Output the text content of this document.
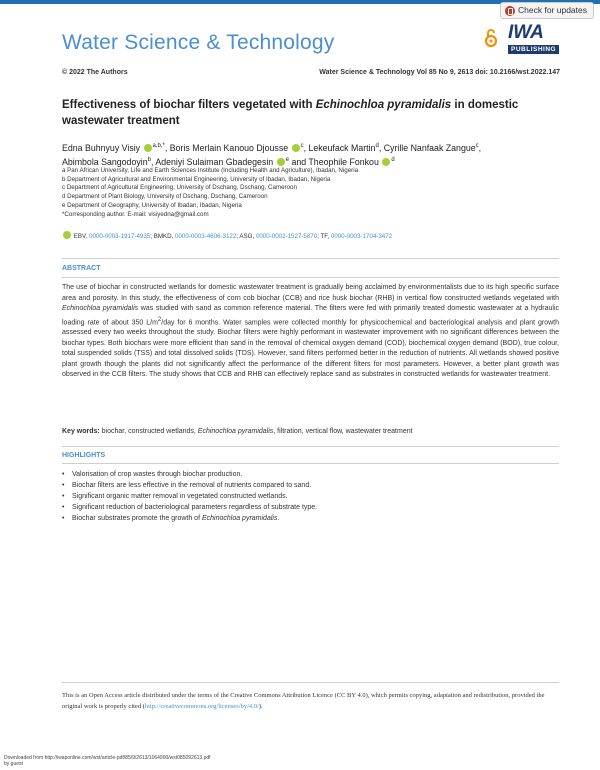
Check for updates
Water Science & Technology	IWA
PUBLISHING
© 2022 The Authors	Water Science & Technology Vol 85 No 9, 2613 doi: 10.2166/wst.2022.147
Effectiveness of biochar filters vegetated with Echinochloa pyramidalis in domestic wastewater treatment
Edna Buhnyuy Visiy $^{a,b,*}$, Boris Merlain Kanouo Djousse $^c$, Lekeufack Martin$^d$, Cyrille Nanfaak Zangue$^c$,
Abimbola Sangodoyin$^b$, Adeniyi Sulaiman Gbadegesin $^e$ and Theophile Fonkou $^d$
a Pan African University, Life and Earth Sciences Institute (Including Health and Agriculture), Ibadan, Nigeria
b Department of Agricultural and Environmental Engineering, University of Ibadan, Ibadan, Nigeria
c Department of Agricultural Engineering, University of Dschang, Dschang, Cameroon
d Department of Plant Biology, University of Dschang, Dschang, Cameroon
e Department of Geography, University of Ibadan, Ibadan, Nigeria
*Corresponding author. E-mail: visiyedna@gmail.com
EBV, 0000-0003-1917-4935; BMKD, 0000-0003-4606-3122; ASG, 0000-0002-1527-5870; TF, 0000-0003-1704-3472
ABSTRACT
The use of biochar in constructed wetlands for domestic wastewater treatment is gradually being acclaimed by environmentalists due to its high specific surface area and porosity. In this study, the effectiveness of corn cob biochar (CCB) and rice husk biochar (RHB) in vertical flow constructed wetlands vegetated with Echinochloa pyramidalis was studied with sand as common reference material. The filters were fed with primarily treated domestic wastewater at a hydraulic loading rate of about 350 $L/m^2$/day for 6 months. Water samples were collected monthly for physicochemical and bacteriological analysis and plant growth assessed every two weeks throughout the study. Biochar filters were highly performant in wastewater improvement with no significant differences between the biochar types. Both biochars were more efficient than sand in the removal of chemical oxygen demand (COD), biochemical oxygen demand (BOD), true colour, total suspended solids (TSS) and total dissolved solids (TDS). However, sand filters performed better in the reduction of nutrients. All wetlands showed positive plant growth though the plants did not significantly affect the performance of the different filters for most parameters. However, a better plant growth was observed in the CCB filters. The study shows that CCB and RHB can effectively replace sand as substrates in constructed wetlands for wastewater treatment.
Key words: biochar, constructed wetlands, Echinochloa pyramidalis, filtration, vertical flow, wastewater treatment
HIGHLIGHTS
• Valorisation of crop wastes through biochar production.
• Biochar filters are less effective in the removal of nutrients compared to sand.
• Significant organic matter removal in vegetated constructed wetlands.
• Significant reduction of bacteriological parameters regardless of substrate type.
• Biochar substrates promote the growth of Echinochloa pyramidalis.
This is an Open Access article distributed under the terms of the Creative Commons Attribution Licence (CC BY 4.0), which permits copying, adaptation and redistribution, provided the original work is properly cited (http://creativecommons.org/licenses/by/4.0/).
Downloaded from http://iwaponline.com/wst/article-pdf/85/9/2613/1064900/wst085092613.pdf
by guest
